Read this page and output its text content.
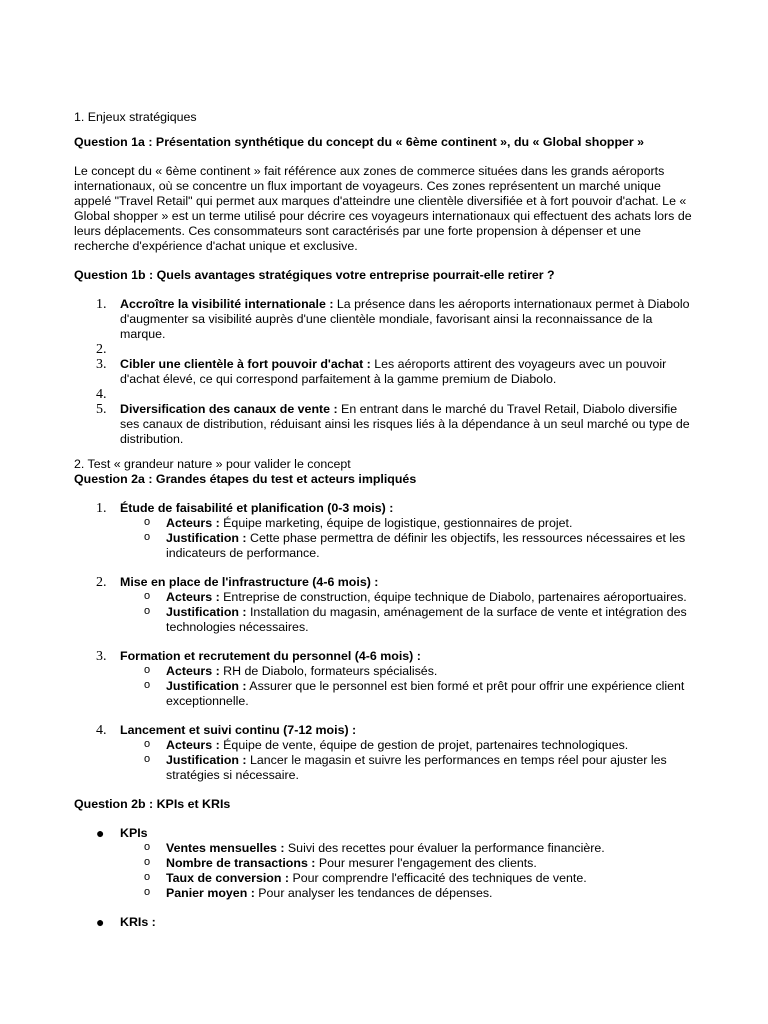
1. Enjeux stratégiques

Question 1a : Présentation synthétique du concept du « 6ème continent », du « Global shopper »

Le concept du « 6ème continent » fait référence aux zones de commerce situées dans les grands aéroports internationaux, où se concentre un flux important de voyageurs. Ces zones représentent un marché unique appelé "Travel Retail" qui permet aux marques d'atteindre une clientèle diversifiée et à fort pouvoir d'achat. Le « Global shopper » est un terme utilisé pour décrire ces voyageurs internationaux qui effectuent des achats lors de leurs déplacements. Ces consommateurs sont caractérisés par une forte propension à dépenser et une recherche d'expérience d'achat unique et exclusive.

Question 1b : Quels avantages stratégiques votre entreprise pourrait-elle retirer ?

1. Accroître la visibilité internationale : La présence dans les aéroports internationaux permet à Diabolo d'augmenter sa visibilité auprès d'une clientèle mondiale, favorisant ainsi la reconnaissance de la marque.
2.

3. Cibler une clientèle à fort pouvoir d'achat : Les aéroports attirent des voyageurs avec un pouvoir d'achat élevé, ce qui correspond parfaitement à la gamme premium de Diabolo.
4.

5. Diversification des canaux de vente : En entrant dans le marché du Travel Retail, Diabolo diversifie ses canaux de distribution, réduisant ainsi les risques liés à la dépendance à un seul marché ou type de distribution.

2. Test « grandeur nature » pour valider le concept

Question 2a : Grandes étapes du test et acteurs impliqués

1. Étude de faisabilité et planification (0-3 mois) :
o Acteurs : Équipe marketing, équipe de logistique, gestionnaires de projet.
o Justification : Cette phase permettra de définir les objectifs, les ressources nécessaires et les indicateurs de performance.
2. Mise en place de l'infrastructure (4-6 mois) :
o Acteurs : Entreprise de construction, équipe technique de Diabolo, partenaires aéroportuaires.
o Justification : Installation du magasin, aménagement de la surface de vente et intégration des technologies nécessaires.
3. Formation et recrutement du personnel (4-6 mois) :
o Acteurs : RH de Diabolo, formateurs spécialisés.
o Justification : Assurer que le personnel est bien formé et prêt pour offrir une expérience client exceptionnelle.
4. Lancement et suivi continu (7-12 mois) :
o Acteurs : Équipe de vente, équipe de gestion de projet, partenaires technologiques.
o Justification : Lancer le magasin et suivre les performances en temps réel pour ajuster les stratégies si nécessaire.

Question 2b : KPIs et KRIs

● KPIs
o Ventes mensuelles : Suivi des recettes pour évaluer la performance financière.
o Nombre de transactions : Pour mesurer l'engagement des clients.
o Taux de conversion : Pour comprendre l'efficacité des techniques de vente.
o Panier moyen : Pour analyser les tendances de dépenses.
● KRIs :
